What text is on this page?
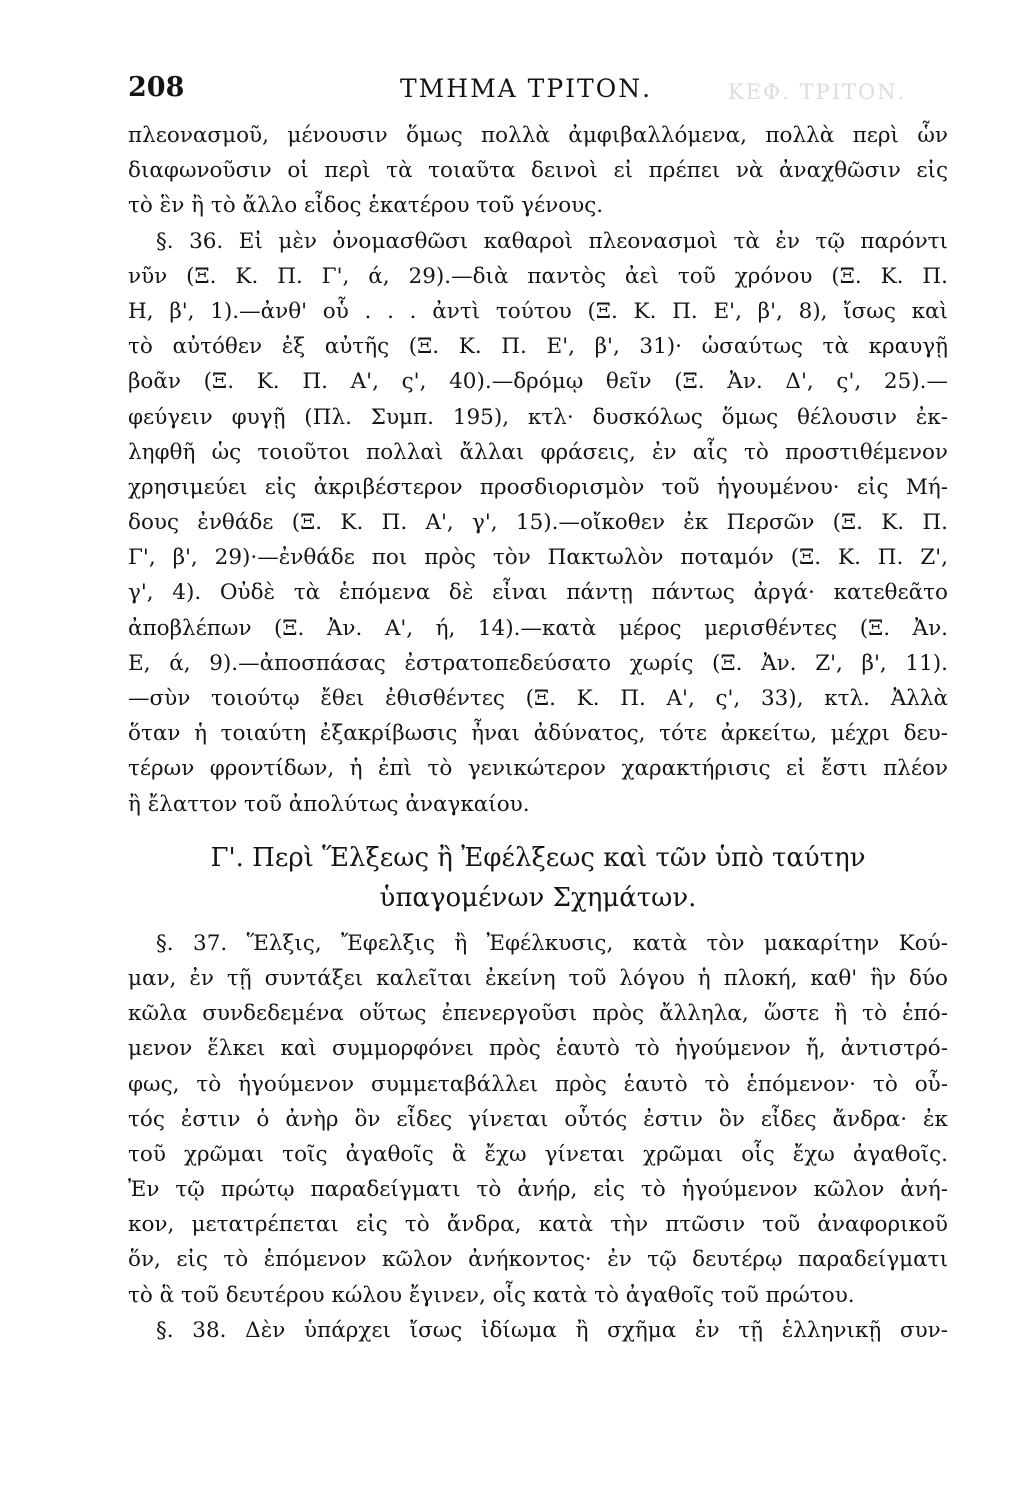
ΚΕΦ. ΤΡΙΤΟΝ.
208	ΤΜΗΜΑ ΤΡΙΤΟΝ.
πλεονασμοῦ, μένουσιν ὅμως πολλὰ ἀμφιβαλλόμενα, πολλὰ περὶ ὧν
διαφωνοῦσιν οἱ περὶ τὰ τοιαῦτα δεινοὶ εἰ πρέπει νὰ ἀναχθῶσιν εἰς
τὸ ἓν ἢ τὸ ἄλλο εἶδος ἑκατέρου τοῦ γένους.
§. 36. Εἰ μὲν ὀνομασθῶσι καθαροὶ πλεονασμοὶ τὰ ἐν τῷ παρόντι
νῦν (Ξ. Κ. Π. Γ', ά, 29).—διὰ παντὸς ἀεὶ τοῦ χρόνου (Ξ. Κ. Π.
Η, β', 1).—ἀνθ' οὗ . . . ἀντὶ τούτου (Ξ. Κ. Π. Ε', β', 8), ἴσως καὶ
τὸ αὐτόθεν ἐξ αὐτῆς (Ξ. Κ. Π. Ε', β', 31)· ὡσαύτως τὰ κραυγῇ
βοᾶν (Ξ. Κ. Π. Α', ς', 40).—δρόμῳ θεῖν (Ξ. Ἀν. Δ', ς', 25).—
φεύγειν φυγῇ (Πλ. Συμπ. 195), κτλ· δυσκόλως ὅμως θέλουσιν ἐκ-
ληφθῆ ὡς τοιοῦτοι πολλαὶ ἄλλαι φράσεις, ἐν αἷς τὸ προστιθέμενον
χρησιμεύει εἰς ἀκριβέστερον προσδιορισμὸν τοῦ ἡγουμένου· εἰς Μή-
δους ἐνθάδε (Ξ. Κ. Π. Α', γ', 15).—οἴκοθεν ἐκ Περσῶν (Ξ. Κ. Π.
Γ', β', 29)·—ἐνθάδε ποι πρὸς τὸν Πακτωλὸν ποταμόν (Ξ. Κ. Π. Ζ',
γ', 4). Οὐδὲ τὰ ἑπόμενα δὲ εἶναι πάντῃ πάντως ἀργά· κατεθεᾶτο
ἀποβλέπων (Ξ. Ἀν. Α', ή, 14).—κατὰ μέρος μερισθέντες (Ξ. Ἀν.
Ε, ά, 9).—ἀποσπάσας ἐστρατοπεδεύσατο χωρίς (Ξ. Ἀν. Ζ', β', 11).
—σὺν τοιούτῳ ἔθει ἐθισθέντες (Ξ. Κ. Π. Α', ς', 33), κτλ. Ἀλλὰ
ὅταν ἡ τοιαύτη ἐξακρίβωσις ἦναι ἀδύνατος, τότε ἀρκείτω, μέχρι δευ-
τέρων φροντίδων, ἡ ἐπὶ τὸ γενικώτερον χαρακτήρισις εἰ ἔστι πλέον
ἢ ἔλαττον τοῦ ἀπολύτως ἀναγκαίου.
Γ'. Περὶ Ἕλξεως ἢ Ἐφέλξεως καὶ τῶν ὑπὸ ταύτην
ὑπαγομένων Σχημάτων.
§. 37. Ἕλξις, Ἔφελξις ἢ Ἐφέλκυσις, κατὰ τὸν μακαρίτην Κού-
μαν, ἐν τῇ συντάξει καλεῖται ἐκείνη τοῦ λόγου ἡ πλοκή, καθ' ἣν δύο
κῶλα συνδεδεμένα οὕτως ἐπενεργοῦσι πρὸς ἄλληλα, ὥστε ἢ τὸ ἑπό-
μενον ἕλκει καὶ συμμορφόνει πρὸς ἑαυτὸ τὸ ἡγούμενον ἤ, ἀντιστρό-
φως, τὸ ἡγούμενον συμμεταβάλλει πρὸς ἑαυτὸ τὸ ἑπόμενον· τὸ οὗ-
τός ἐστιν ὁ ἀνὴρ ὃν εἶδες γίνεται οὗτός ἐστιν ὃν εἶδες ἄνδρα· ἐκ
τοῦ χρῶμαι τοῖς ἀγαθοῖς ἃ ἔχω γίνεται χρῶμαι οἷς ἔχω ἀγαθοῖς.
Ἐν τῷ πρώτῳ παραδείγματι τὸ ἀνήρ, εἰς τὸ ἡγούμενον κῶλον ἀνή-
κον, μετατρέπεται εἰς τὸ ἄνδρα, κατὰ τὴν πτῶσιν τοῦ ἀναφορικοῦ
ὅν, εἰς τὸ ἑπόμενον κῶλον ἀνήκοντος· ἐν τῷ δευτέρῳ παραδείγματι
τὸ ἃ τοῦ δευτέρου κώλου ἔγινεν, οἷς κατὰ τὸ ἀγαθοῖς τοῦ πρώτου.
§. 38. Δὲν ὑπάρχει ἴσως ἰδίωμα ἢ σχῆμα ἐν τῇ ἑλληνικῇ συν-
